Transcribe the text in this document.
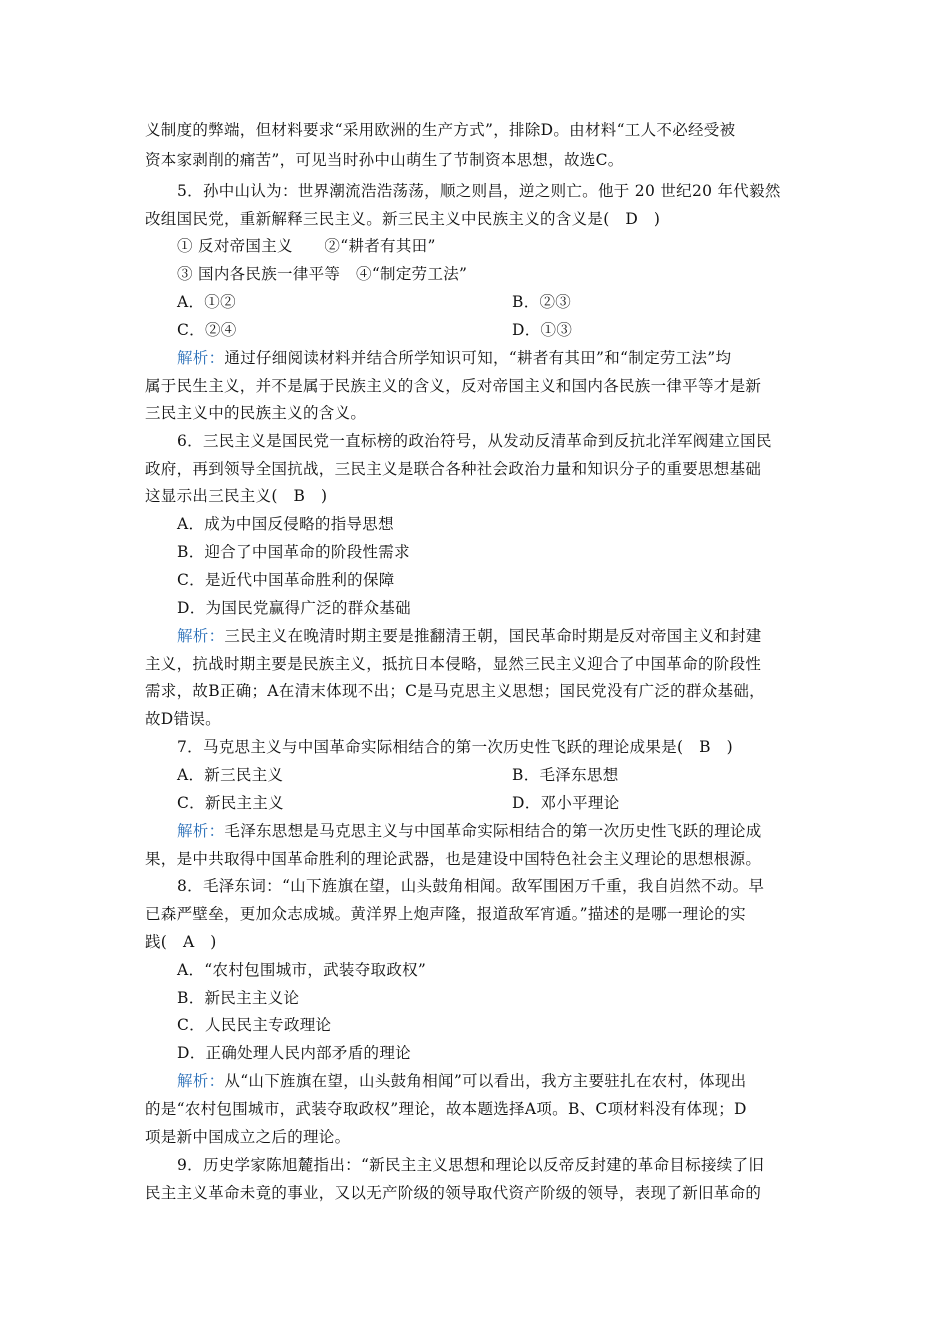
义制度的弊端，但材料要求“采用欧洲的生产方式”，排除D。由材料“工人不必经受被
资本家剥削的痛苦”，可见当时孙中山萌生了节制资本思想，故选C。
5．孙中山认为：世界潮流浩浩荡荡，顺之则昌，逆之则亡。他于 20 世纪20 年代毅然
改组国民党，重新解释三民主义。新三民主义中民族主义的含义是(　D　)
① 反对帝国主义　　②“耕者有其田”
③ 国内各民族一律平等　④“制定劳工法”
A．①②	B．②③
C．②④	D．①③
解析：通过仔细阅读材料并结合所学知识可知，“耕者有其田”和“制定劳工法”均
属于民生主义，并不是属于民族主义的含义，反对帝国主义和国内各民族一律平等才是新
三民主义中的民族主义的含义。
6．三民主义是国民党一直标榜的政治符号，从发动反清革命到反抗北洋军阀建立国民
政府，再到领导全国抗战，三民主义是联合各种社会政治力量和知识分子的重要思想基础
这显示出三民主义(　B　)
A．成为中国反侵略的指导思想
B．迎合了中国革命的阶段性需求
C．是近代中国革命胜利的保障
D．为国民党赢得广泛的群众基础
解析：三民主义在晚清时期主要是推翻清王朝，国民革命时期是反对帝国主义和封建
主义，抗战时期主要是民族主义，抵抗日本侵略，显然三民主义迎合了中国革命的阶段性
需求，故B正确；A在清末体现不出；C是马克思主义思想；国民党没有广泛的群众基础，
故D错误。
7．马克思主义与中国革命实际相结合的第一次历史性飞跃的理论成果是(　B　)
A．新三民主义	B．毛泽东思想
C．新民主主义	D．邓小平理论
解析：毛泽东思想是马克思主义与中国革命实际相结合的第一次历史性飞跃的理论成
果，是中共取得中国革命胜利的理论武器，也是建设中国特色社会主义理论的思想根源。
8．毛泽东词：“山下旌旗在望，山头鼓角相闻。敌军围困万千重，我自岿然不动。早
已森严壁垒，更加众志成城。黄洋界上炮声隆，报道敌军宵遁。”描述的是哪一理论的实
践(　A　)
A．“农村包围城市，武装夺取政权”
B．新民主主义论
C．人民民主专政理论
D．正确处理人民内部矛盾的理论
解析：从“山下旌旗在望，山头鼓角相闻”可以看出，我方主要驻扎在农村，体现出
的是“农村包围城市，武装夺取政权”理论，故本题选择A项。B、C项材料没有体现；D
项是新中国成立之后的理论。
9．历史学家陈旭麓指出：“新民主主义思想和理论以反帝反封建的革命目标接续了旧
民主主义革命未竟的事业，又以无产阶级的领导取代资产阶级的领导，表现了新旧革命的
